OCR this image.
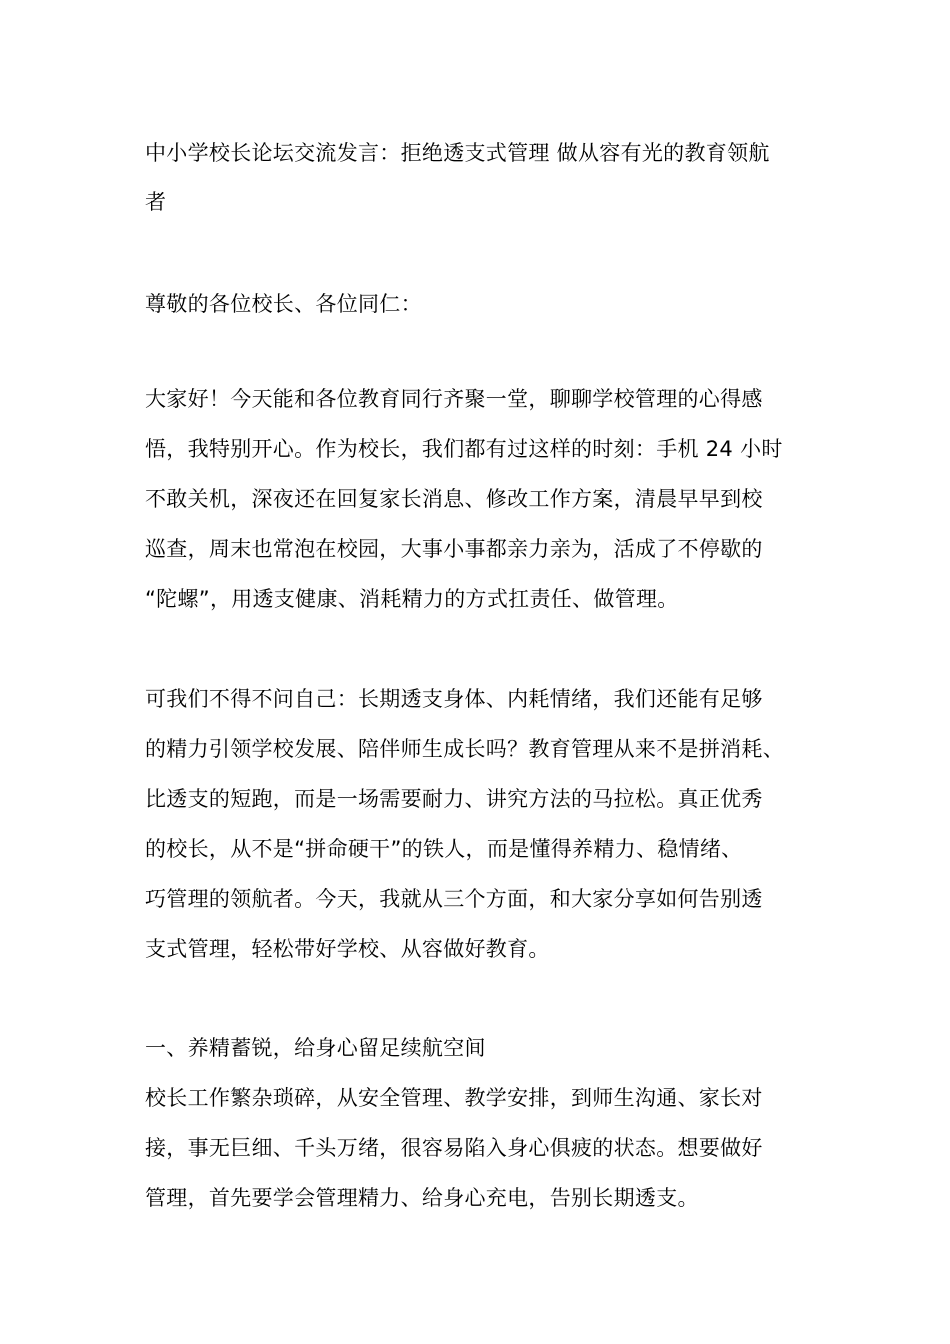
中小学校长论坛交流发言：拒绝透支式管理 做从容有光的教育领航
者
尊敬的各位校长、各位同仁：
大家好！今天能和各位教育同行齐聚一堂，聊聊学校管理的心得感
悟，我特别开心。作为校长，我们都有过这样的时刻：手机 24 小时
不敢关机，深夜还在回复家长消息、修改工作方案，清晨早早到校
巡查，周末也常泡在校园，大事小事都亲力亲为，活成了不停歇的
“陀螺”，用透支健康、消耗精力的方式扛责任、做管理。
可我们不得不问自己：长期透支身体、内耗情绪，我们还能有足够
的精力引领学校发展、陪伴师生成长吗？教育管理从来不是拼消耗、
比透支的短跑，而是一场需要耐力、讲究方法的马拉松。真正优秀
的校长，从不是“拼命硬干”的铁人，而是懂得养精力、稳情绪、
巧管理的领航者。今天，我就从三个方面，和大家分享如何告别透
支式管理，轻松带好学校、从容做好教育。
一、养精蓄锐，给身心留足续航空间
校长工作繁杂琐碎，从安全管理、教学安排，到师生沟通、家长对
接，事无巨细、千头万绪，很容易陷入身心俱疲的状态。想要做好
管理，首先要学会管理精力、给身心充电，告别长期透支。
